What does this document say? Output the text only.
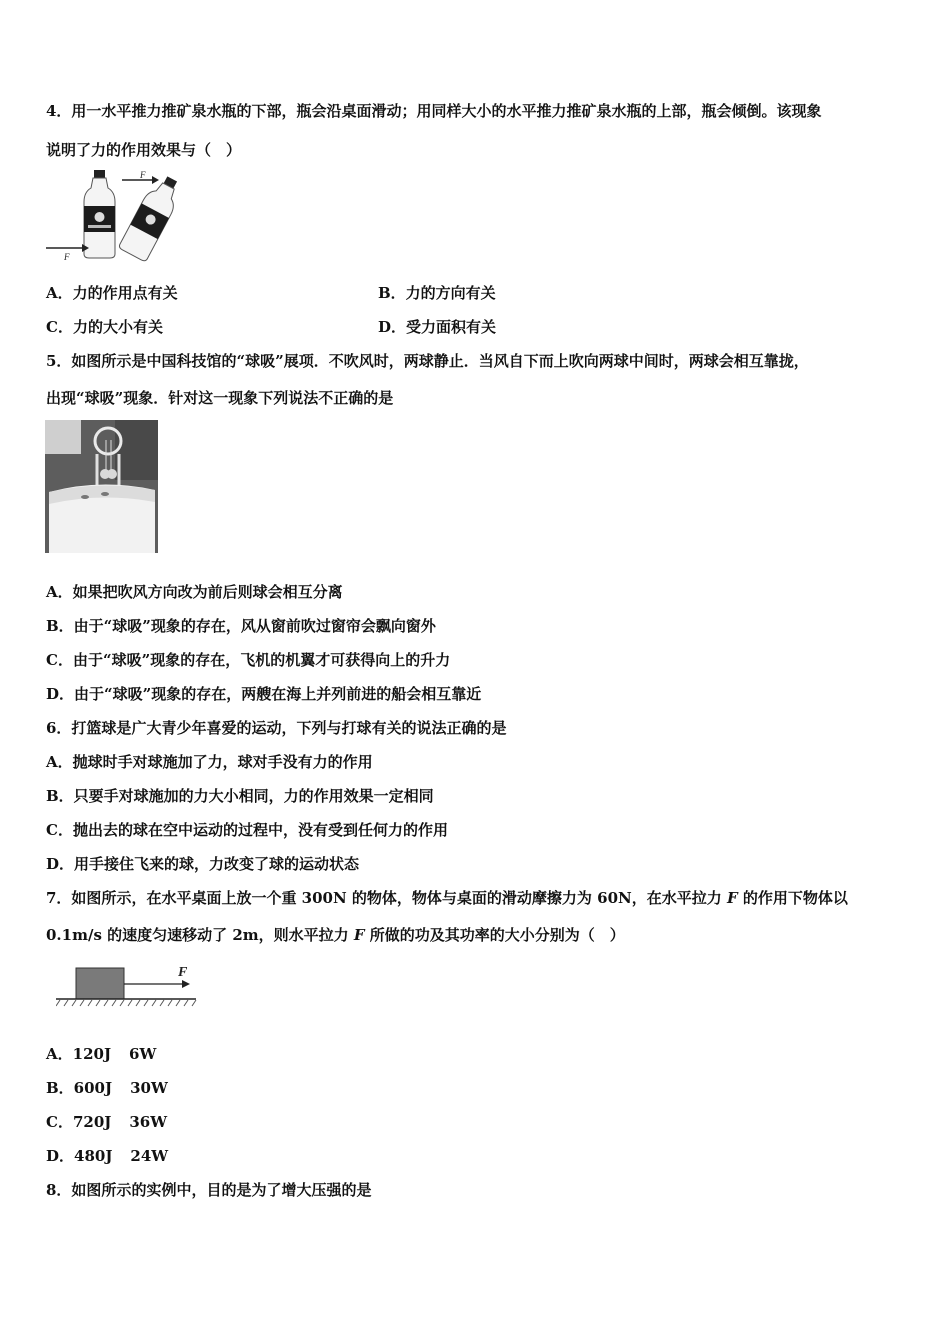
4．用一水平推力推矿泉水瓶的下部，瓶会沿桌面滑动；用同样大小的水平推力推矿泉水瓶的上部，瓶会倾倒。该现象
说明了力的作用效果与（　）
F
F
A．力的作用点有关	B．力的方向有关
C．力的大小有关	D．受力面积有关
5．如图所示是中国科技馆的“球吸”展项．不吹风时，两球静止．当风自下而上吹向两球中间时，两球会相互靠拢，
出现“球吸”现象．针对这一现象下列说法不正确的是
A．如果把吹风方向改为前后则球会相互分离
B．由于“球吸”现象的存在，风从窗前吹过窗帘会飘向窗外
C．由于“球吸”现象的存在，飞机的机翼才可获得向上的升力
D．由于“球吸”现象的存在，两艘在海上并列前进的船会相互靠近
6．打篮球是广大青少年喜爱的运动，下列与打球有关的说法正确的是
A．抛球时手对球施加了力，球对手没有力的作用
B．只要手对球施加的力大小相同，力的作用效果一定相同
C．抛出去的球在空中运动的过程中，没有受到任何力的作用
D．用手接住飞来的球，力改变了球的运动状态
7．如图所示，在水平桌面上放一个重 300N 的物体，物体与桌面的滑动摩擦力为 60N，在水平拉力 F 的作用下物体以
0.1m/s 的速度匀速移动了 2m，则水平拉力 F 所做的功及其功率的大小分别为（　）
F
A．120J 6W
B．600J 30W
C．720J 36W
D．480J 24W
8．如图所示的实例中，目的是为了增大压强的是
